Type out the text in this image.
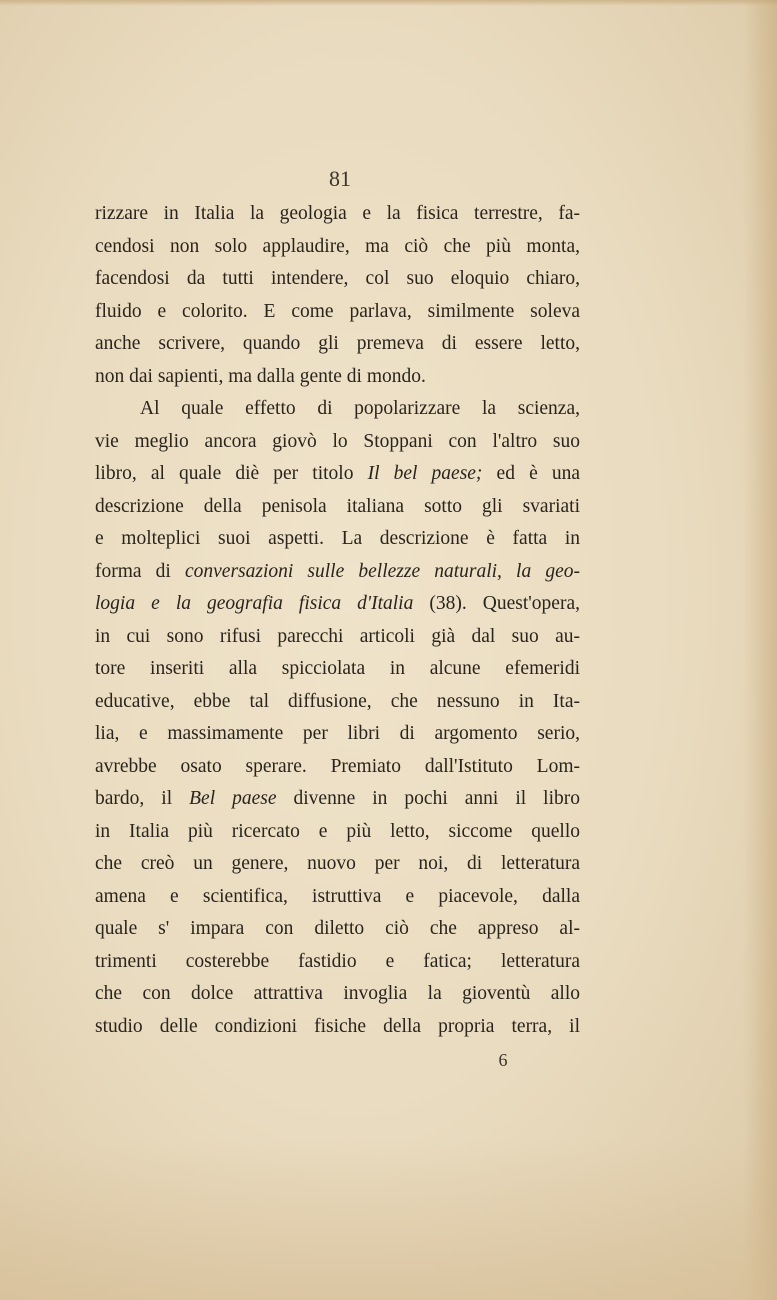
81
rizzare in Italia la geologia e la fisica terrestre, fa-
cendosi non solo applaudire, ma ciò che più monta,
facendosi da tutti intendere, col suo eloquio chiaro,
fluido e colorito. E come parlava, similmente soleva
anche scrivere, quando gli premeva di essere letto,
non dai sapienti, ma dalla gente di mondo.
Al quale effetto di popolarizzare la scienza,
vie meglio ancora giovò lo Stoppani con l'altro suo
libro, al quale diè per titolo Il bel paese; ed è una
descrizione della penisola italiana sotto gli svariati
e molteplici suoi aspetti. La descrizione è fatta in
forma di conversazioni sulle bellezze naturali, la geo-
logia e la geografia fisica d'Italia (38). Quest'opera,
in cui sono rifusi parecchi articoli già dal suo au-
tore inseriti alla spicciolata in alcune efemeridi
educative, ebbe tal diffusione, che nessuno in Ita-
lia, e massimamente per libri di argomento serio,
avrebbe osato sperare. Premiato dall'Istituto Lom-
bardo, il Bel paese divenne in pochi anni il libro
in Italia più ricercato e più letto, siccome quello
che creò un genere, nuovo per noi, di letteratura
amena e scientifica, istruttiva e piacevole, dalla
quale s' impara con diletto ciò che appreso al-
trimenti costerebbe fastidio e fatica; letteratura
che con dolce attrattiva invoglia la gioventù allo
studio delle condizioni fisiche della propria terra, il
6
